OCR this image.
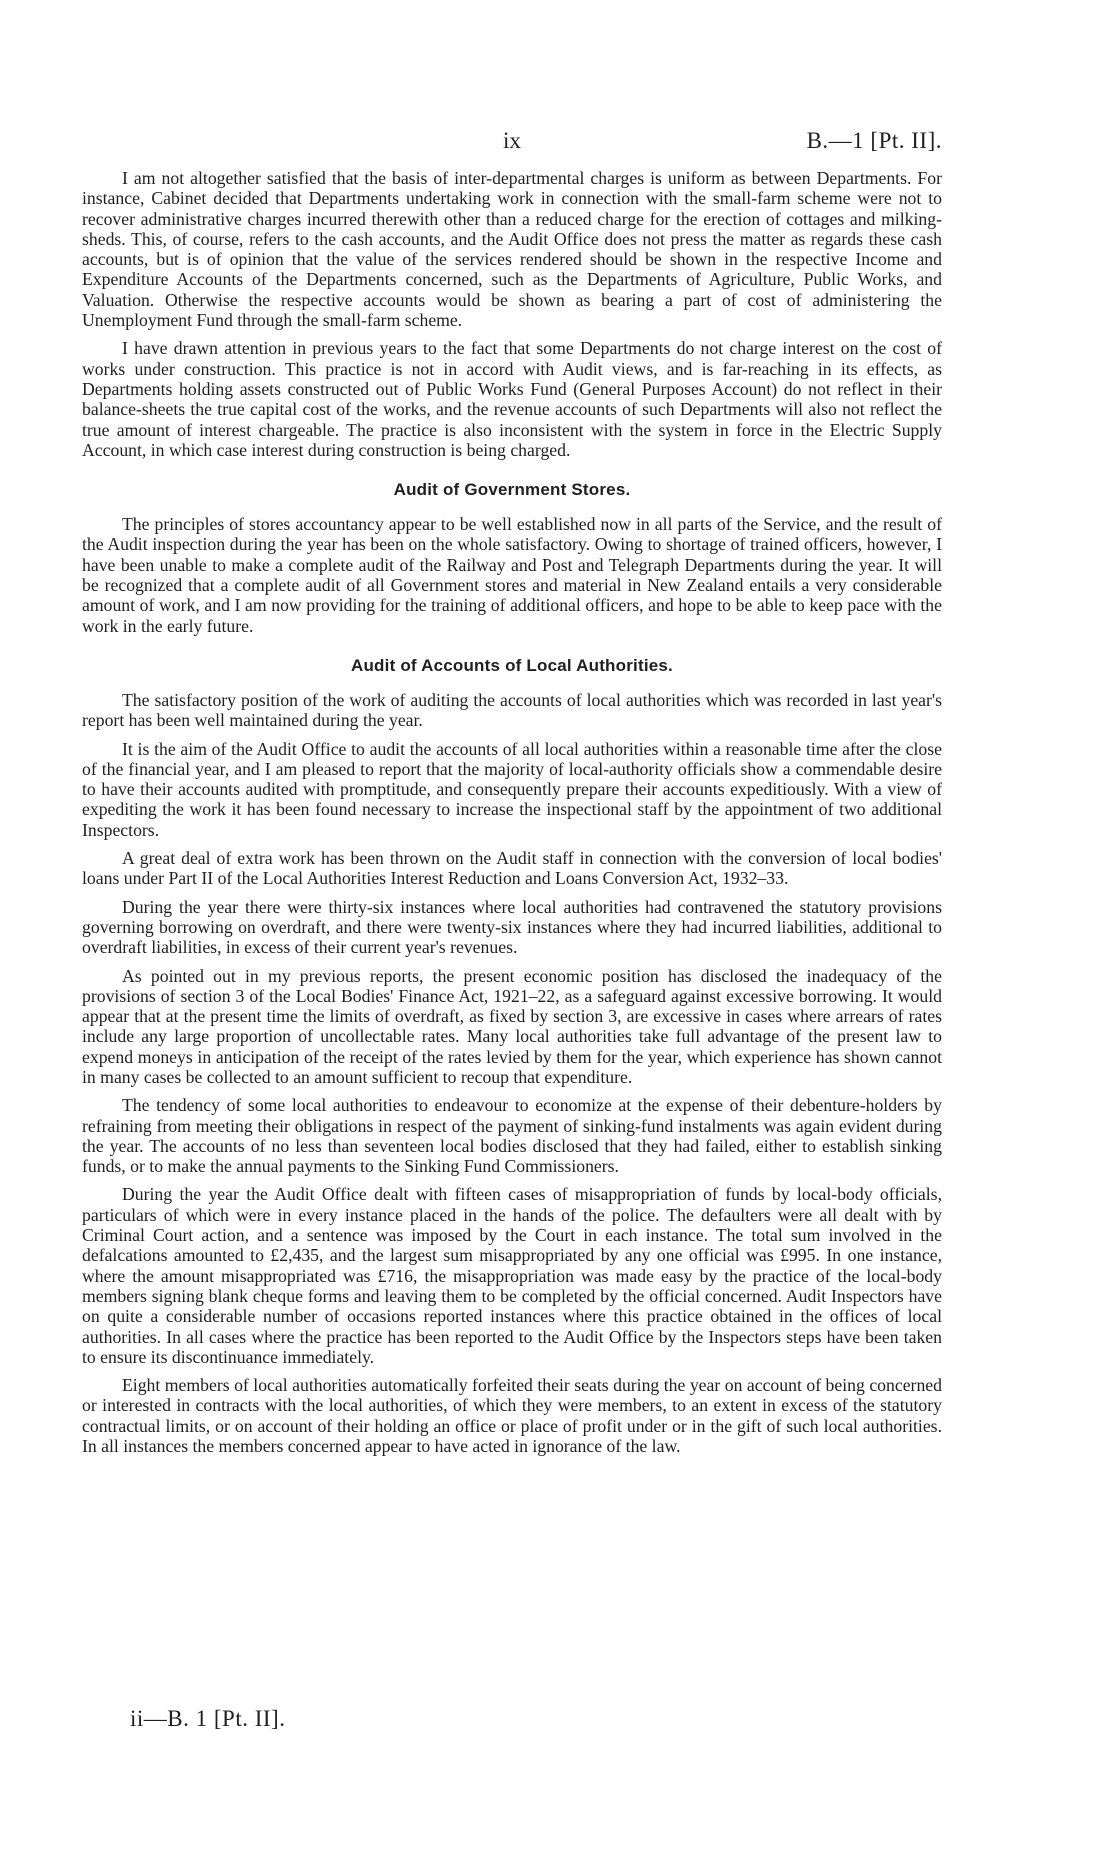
ix	B.—1 [Pt. II].

I am not altogether satisfied that the basis of inter-departmental charges is uniform as between Departments. For instance, Cabinet decided that Departments undertaking work in connection with the small-farm scheme were not to recover administrative charges incurred therewith other than a reduced charge for the erection of cottages and milking-sheds. This, of course, refers to the cash accounts, and the Audit Office does not press the matter as regards these cash accounts, but is of opinion that the value of the services rendered should be shown in the respective Income and Expenditure Accounts of the Departments concerned, such as the Departments of Agriculture, Public Works, and Valuation. Otherwise the respective accounts would be shown as bearing a part of cost of administering the Unemployment Fund through the small-farm scheme.

I have drawn attention in previous years to the fact that some Departments do not charge interest on the cost of works under construction. This practice is not in accord with Audit views, and is far-reaching in its effects, as Departments holding assets constructed out of Public Works Fund (General Purposes Account) do not reflect in their balance-sheets the true capital cost of the works, and the revenue accounts of such Departments will also not reflect the true amount of interest chargeable. The practice is also inconsistent with the system in force in the Electric Supply Account, in which case interest during construction is being charged.

Audit of Government Stores.

The principles of stores accountancy appear to be well established now in all parts of the Service, and the result of the Audit inspection during the year has been on the whole satisfactory. Owing to shortage of trained officers, however, I have been unable to make a complete audit of the Railway and Post and Telegraph Departments during the year. It will be recognized that a complete audit of all Government stores and material in New Zealand entails a very considerable amount of work, and I am now providing for the training of additional officers, and hope to be able to keep pace with the work in the early future.

Audit of Accounts of Local Authorities.

The satisfactory position of the work of auditing the accounts of local authorities which was recorded in last year's report has been well maintained during the year.

It is the aim of the Audit Office to audit the accounts of all local authorities within a reasonable time after the close of the financial year, and I am pleased to report that the majority of local-authority officials show a commendable desire to have their accounts audited with promptitude, and consequently prepare their accounts expeditiously. With a view of expediting the work it has been found necessary to increase the inspectional staff by the appointment of two additional Inspectors.

A great deal of extra work has been thrown on the Audit staff in connection with the conversion of local bodies' loans under Part II of the Local Authorities Interest Reduction and Loans Conversion Act, 1932–33.

During the year there were thirty-six instances where local authorities had contravened the statutory provisions governing borrowing on overdraft, and there were twenty-six instances where they had incurred liabilities, additional to overdraft liabilities, in excess of their current year's revenues.

As pointed out in my previous reports, the present economic position has disclosed the inadequacy of the provisions of section 3 of the Local Bodies' Finance Act, 1921–22, as a safeguard against excessive borrowing. It would appear that at the present time the limits of overdraft, as fixed by section 3, are excessive in cases where arrears of rates include any large proportion of uncollectable rates. Many local authorities take full advantage of the present law to expend moneys in anticipation of the receipt of the rates levied by them for the year, which experience has shown cannot in many cases be collected to an amount sufficient to recoup that expenditure.

The tendency of some local authorities to endeavour to economize at the expense of their debenture-holders by refraining from meeting their obligations in respect of the payment of sinking-fund instalments was again evident during the year. The accounts of no less than seventeen local bodies disclosed that they had failed, either to establish sinking funds, or to make the annual payments to the Sinking Fund Commissioners.

During the year the Audit Office dealt with fifteen cases of misappropriation of funds by local-body officials, particulars of which were in every instance placed in the hands of the police. The defaulters were all dealt with by Criminal Court action, and a sentence was imposed by the Court in each instance. The total sum involved in the defalcations amounted to £2,435, and the largest sum misappropriated by any one official was £995. In one instance, where the amount misappropriated was £716, the misappropriation was made easy by the practice of the local-body members signing blank cheque forms and leaving them to be completed by the official concerned. Audit Inspectors have on quite a considerable number of occasions reported instances where this practice obtained in the offices of local authorities. In all cases where the practice has been reported to the Audit Office by the Inspectors steps have been taken to ensure its discontinuance immediately.

Eight members of local authorities automatically forfeited their seats during the year on account of being concerned or interested in contracts with the local authorities, of which they were members, to an extent in excess of the statutory contractual limits, or on account of their holding an office or place of profit under or in the gift of such local authorities. In all instances the members concerned appear to have acted in ignorance of the law.

ii—B. 1 [Pt. II].
